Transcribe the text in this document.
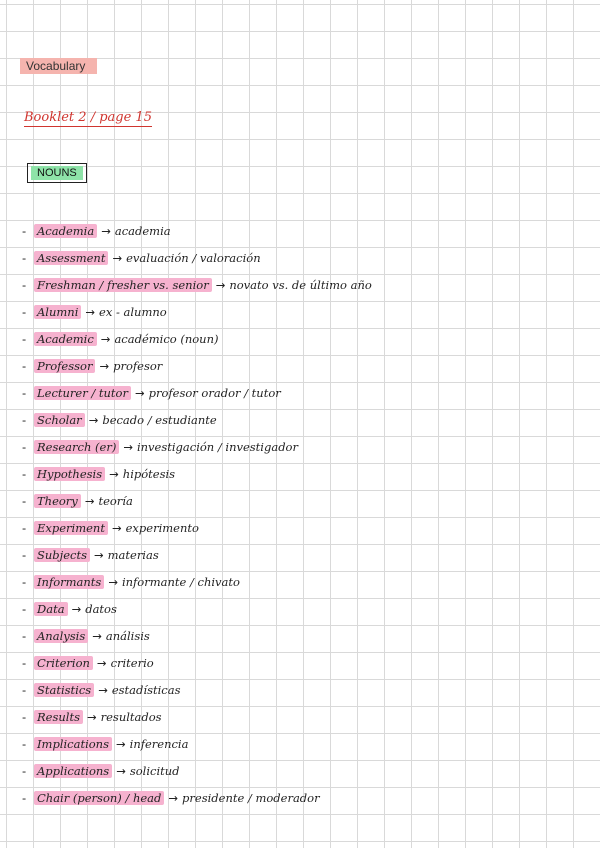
Vocabulary
Booklet 2 / page 15
NOUNS
- Academia → academia
- Assessment → evaluación / valoración
- Freshman / fresher vs. senior → novato vs. de último año
- Alumni → ex - alumno
- Academic → académico (noun)
- Professor → profesor
- Lecturer / tutor → profesor orador / tutor
- Scholar → becado / estudiante
- Research (er) → investigación / investigador
- Hypothesis → hipótesis
- Theory → teoría
- Experiment → experimento
- Subjects → materias
- Informants → informante / chivato
- Data → datos
- Analysis → análisis
- Criterion → criterio
- Statistics → estadísticas
- Results → resultados
- Implications → inferencia
- Applications → solicitud
- Chair (person) / head → presidente / moderador
